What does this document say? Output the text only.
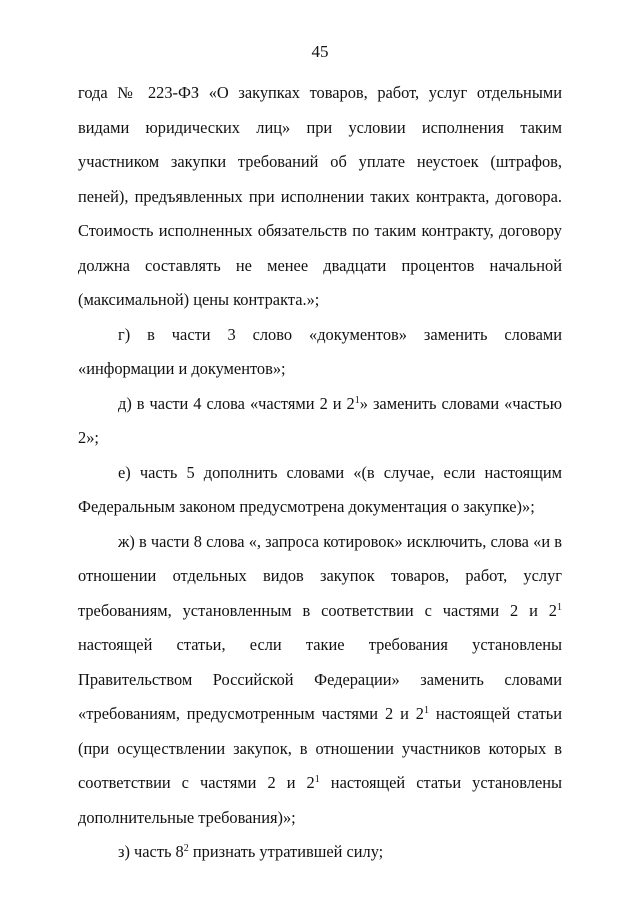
45

года № 223-ФЗ «О закупках товаров, работ, услуг отдельными видами юридических лиц» при условии исполнения таким участником закупки требований об уплате неустоек (штрафов, пеней), предъявленных при исполнении таких контракта, договора. Стоимость исполненных обязательств по таким контракту, договору должна составлять не менее двадцати процентов начальной (максимальной) цены контракта.»;

г) в части 3 слово «документов» заменить словами «информации и документов»;

д) в части 4 слова «частями 2 и $2^1$» заменить словами «частью 2»;

е) часть 5 дополнить словами «(в случае, если настоящим Федеральным законом предусмотрена документация о закупке)»;

ж) в части 8 слова «, запроса котировок» исключить, слова «и в отношении отдельных видов закупок товаров, работ, услуг требованиям, установленным в соответствии с частями 2 и $2^1$ настоящей статьи, если такие требования установлены Правительством Российской Федерации» заменить словами «требованиям, предусмотренным частями 2 и $2^1$ настоящей статьи (при осуществлении закупок, в отношении участников которых в соответствии с частями 2 и $2^1$ настоящей статьи установлены дополнительные требования)»;

з) часть $8^2$ признать утратившей силу;
